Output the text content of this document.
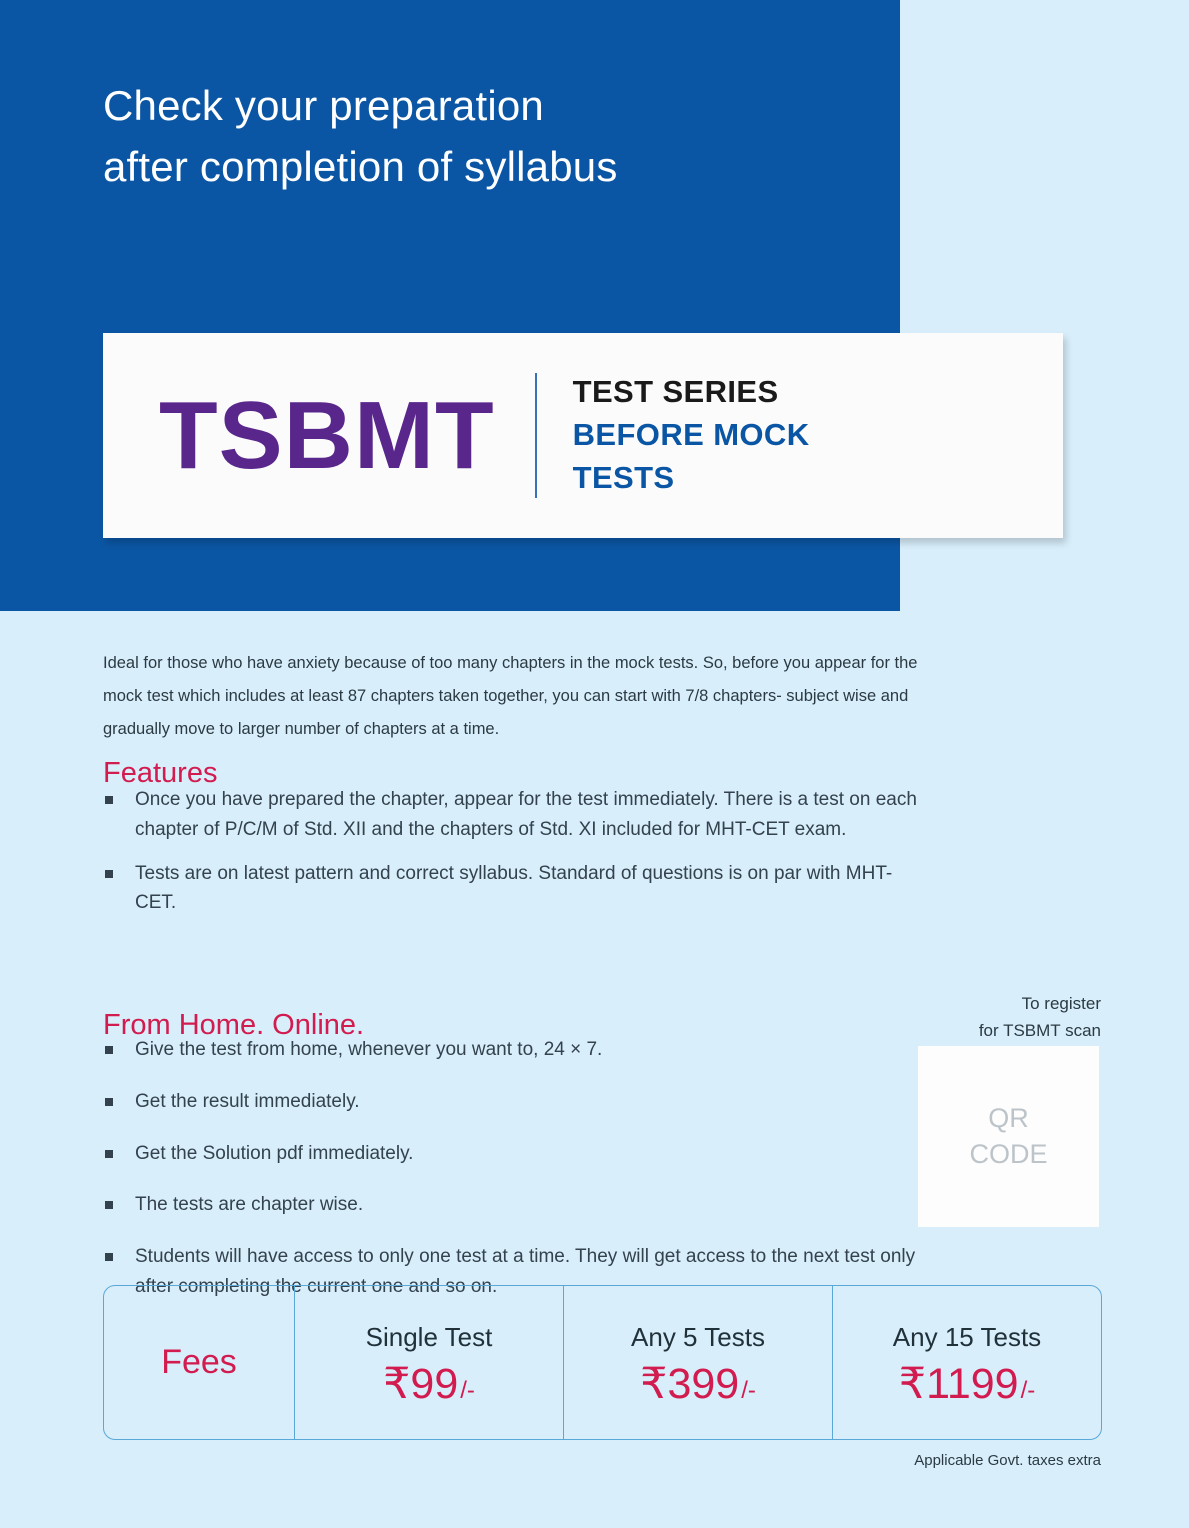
Check your preparation
after completion of syllabus
TSBMT	TEST SERIES
BEFORE MOCK
TESTS

Ideal for those who have anxiety because of too many chapters in the mock tests. So, before you appear for the mock test which includes at least 87 chapters taken together, you can start with 7/8 chapters- subject wise and gradually move to larger number of chapters at a time.

Features
Once you have prepared the chapter, appear for the test immediately. There is a test on each chapter of P/C/M of Std. XII and the chapters of Std. XI included for MHT-CET exam.
Tests are on latest pattern and correct syllabus. Standard of questions is on par with MHT-CET.
From Home. Online.
Give the test from home, whenever you want to, 24 × 7.
Get the result immediately.
Get the Solution pdf immediately.
The tests are chapter wise.
Students will have access to only one test at a time. They will get access to the next test only after completing the current one and so on.
To register
for TSBMT scan
QR
CODE
Fees
Single Test
₹99 /-
Any 5 Tests
₹399 /-
Any 15 Tests
₹1199 /-
Applicable Govt. taxes extra
